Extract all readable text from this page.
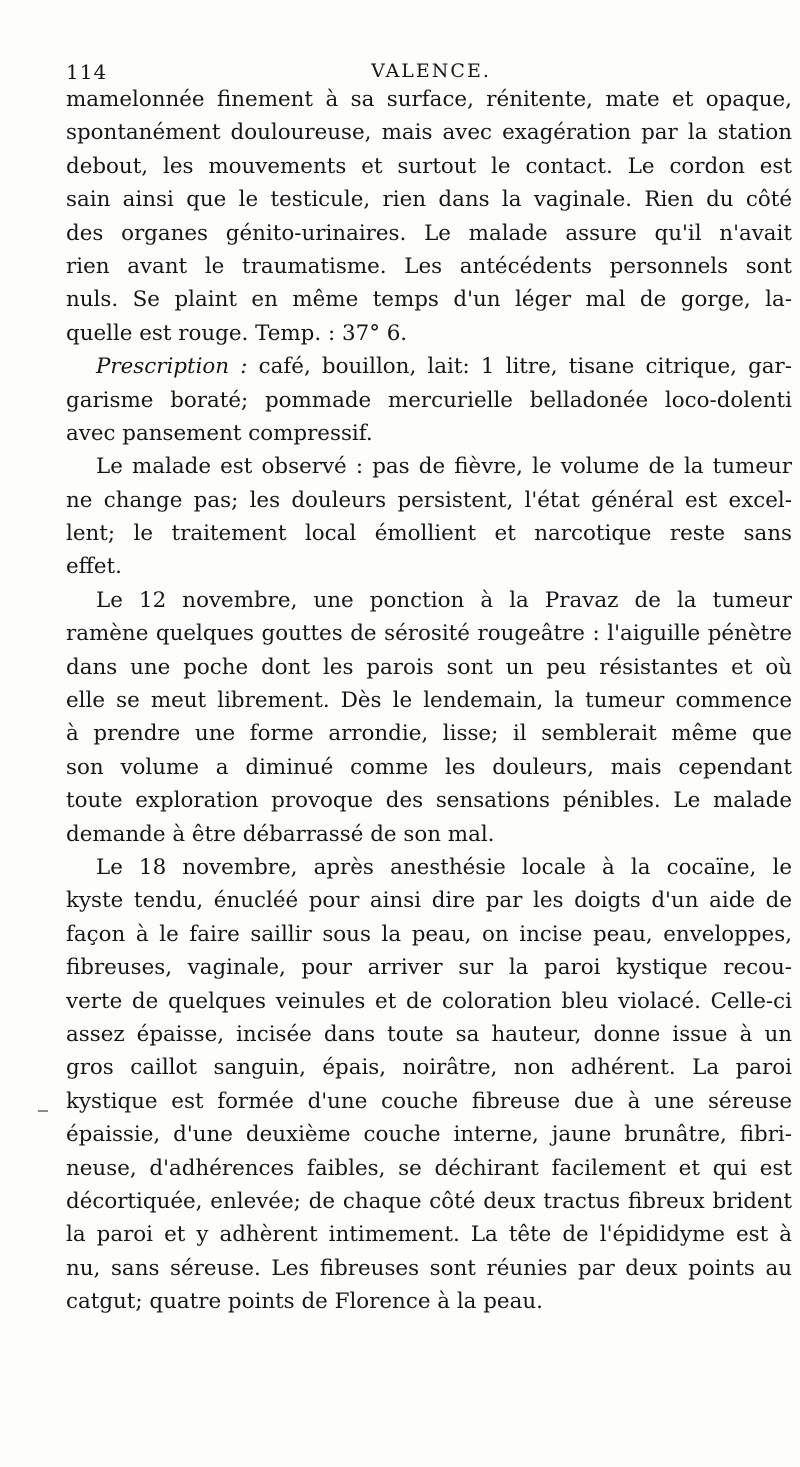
114	VALENCE.
mamelonnée finement à sa surface, rénitente, mate et opaque,
spontanément douloureuse, mais avec exagération par la station
debout, les mouvements et surtout le contact. Le cordon est
sain ainsi que le testicule, rien dans la vaginale. Rien du côté
des organes génito-urinaires. Le malade assure qu'il n'avait
rien avant le traumatisme. Les antécédents personnels sont
nuls. Se plaint en même temps d'un léger mal de gorge, la-
quelle est rouge. Temp. : 37° 6.
Prescription : café, bouillon, lait: 1 litre, tisane citrique, gar-
garisme boraté; pommade mercurielle belladonée loco-dolenti
avec pansement compressif.
Le malade est observé : pas de fièvre, le volume de la tumeur
ne change pas; les douleurs persistent, l'état général est excel-
lent; le traitement local émollient et narcotique reste sans
effet.
Le 12 novembre, une ponction à la Pravaz de la tumeur
ramène quelques gouttes de sérosité rougeâtre : l'aiguille pénètre
dans une poche dont les parois sont un peu résistantes et où
elle se meut librement. Dès le lendemain, la tumeur commence
à prendre une forme arrondie, lisse; il semblerait même que
son volume a diminué comme les douleurs, mais cependant
toute exploration provoque des sensations pénibles. Le malade
demande à être débarrassé de son mal.
Le 18 novembre, après anesthésie locale à la cocaïne, le
kyste tendu, énucléé pour ainsi dire par les doigts d'un aide de
façon à le faire saillir sous la peau, on incise peau, enveloppes,
fibreuses, vaginale, pour arriver sur la paroi kystique recou-
verte de quelques veinules et de coloration bleu violacé. Celle-ci
assez épaisse, incisée dans toute sa hauteur, donne issue à un
gros caillot sanguin, épais, noirâtre, non adhérent. La paroi
kystique est formée d'une couche fibreuse due à une séreuse
épaissie, d'une deuxième couche interne, jaune brunâtre, fibri-
neuse, d'adhérences faibles, se déchirant facilement et qui est
décortiquée, enlevée; de chaque côté deux tractus fibreux brident
la paroi et y adhèrent intimement. La tête de l'épididyme est à
nu, sans séreuse. Les fibreuses sont réunies par deux points au
catgut; quatre points de Florence à la peau.
